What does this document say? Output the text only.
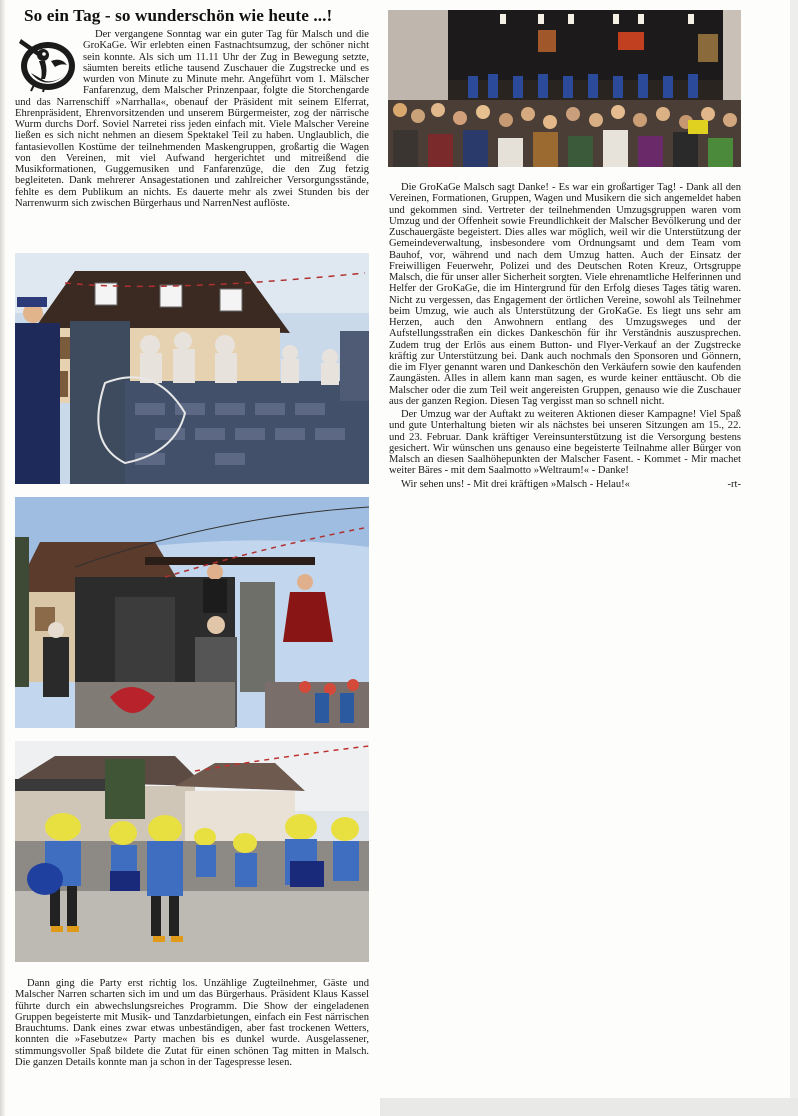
So ein Tag - so wunderschön wie heute ...!

Der vergangene Sonntag war ein guter Tag für Malsch und die GroKaGe. Wir erlebten einen Fastnachtsumzug, der schöner nicht sein konnte. Als sich um 11.11 Uhr der Zug in Bewegung setzte, säumten bereits etliche tausend Zuschauer die Zugstrecke und es wurden von Minute zu Minute mehr. Angeführt vom 1. Mälscher Fanfarenzug, dem Malscher Prinzenpaar, folgte die Storchengarde und das Narrenschiff »Narrhalla«, obenauf der Präsident mit seinem Elferrat, Ehrenpräsident, Ehrenvorsitzenden und unserem Bürgermeister, zog der närrische Wurm durchs Dorf. Soviel Narretei riss jeden einfach mit. Viele Malscher Vereine ließen es sich nicht nehmen an diesem Spektakel Teil zu haben. Unglaublich, die fantasievollen Kostüme der teilnehmenden Maskengruppen, großartig die Wagen von den Vereinen, mit viel Aufwand hergerichtet und mitreißend die Musikformationen, Guggemusiken und Fanfarenzüge, die den Zug fetzig begleiteten. Dank mehrerer Ansagestationen und zahlreicher Versorgungsstände, fehlte es dem Publikum an nichts. Es dauerte mehr als zwei Stunden bis der Narrenwurm sich zwischen Bürgerhaus und NarrenNest auflöste.

Dann ging die Party erst richtig los. Unzählige Zugteilnehmer, Gäste und Malscher Narren scharten sich im und um das Bürgerhaus. Präsident Klaus Kassel führte durch ein abwechslungsreiches Programm. Die Show der eingeladenen Gruppen begeisterte mit Musik- und Tanzdarbietungen, einfach ein Fest närrischen Brauchtums. Dank eines zwar etwas unbeständigen, aber fast trockenen Wetters, konnten die »Fasebutze« Party machen bis es dunkel wurde. Ausgelassener, stimmungsvoller Spaß bildete die Zutat für einen schönen Tag mitten in Malsch. Die ganzen Details konnte man ja schon in der Tagespresse lesen.

Die GroKaGe Malsch sagt Danke! - Es war ein großartiger Tag! - Dank all den Vereinen, Formationen, Gruppen, Wagen und Musikern die sich angemeldet haben und gekommen sind. Vertreter der teilnehmenden Umzugsgruppen waren vom Umzug und der Offenheit sowie Freundlichkeit der Malscher Bevölkerung und der Zuschauergäste begeistert. Dies alles war möglich, weil wir die Unterstützung der Gemeindeverwaltung, insbesondere vom Ordnungsamt und dem Team vom Bauhof, vor, während und nach dem Umzug hatten. Auch der Einsatz der Freiwilligen Feuerwehr, Polizei und des Deutschen Roten Kreuz, Ortsgruppe Malsch, die für unser aller Sicherheit sorgten. Viele ehrenamtliche Helferinnen und Helfer der GroKaGe, die im Hintergrund für den Erfolg dieses Tages tätig waren. Nicht zu vergessen, das Engagement der örtlichen Vereine, sowohl als Teilnehmer beim Umzug, wie auch als Unterstützung der GroKaGe. Es liegt uns sehr am Herzen, auch den Anwohnern entlang des Umzugsweges und der Aufstellungsstraßen ein dickes Dankeschön für ihr Verständnis auszusprechen. Zudem trug der Erlös aus einem Button- und Flyer-Verkauf an der Zugstrecke kräftig zur Unterstützung bei. Dank auch nochmals den Sponsoren und Gönnern, die im Flyer genannt waren und Dankeschön den Verkäufern sowie den kaufenden Zaungästen. Alles in allem kann man sagen, es wurde keiner enttäuscht. Ob die Malscher oder die zum Teil weit angereisten Gruppen, genauso wie die Zuschauer aus der ganzen Region. Diesen Tag vergisst man so schnell nicht.

Der Umzug war der Auftakt zu weiteren Aktionen dieser Kampagne! Viel Spaß und gute Unterhaltung bieten wir als nächstes bei unseren Sitzungen am 15., 22. und 23. Februar. Dank kräftiger Vereinsunterstützung ist die Versorgung bestens gesichert. Wir wünschen uns genauso eine begeisterte Teilnahme aller Bürger von Malsch an diesen Saalhöhepunkten der Malscher Fasent. - Kommet - Mir machet weiter Bäres - mit dem Saalmotto »Weltraum!« - Danke!

Wir sehen uns! - Mit drei kräftigen »Malsch - Helau!«	-rt-
